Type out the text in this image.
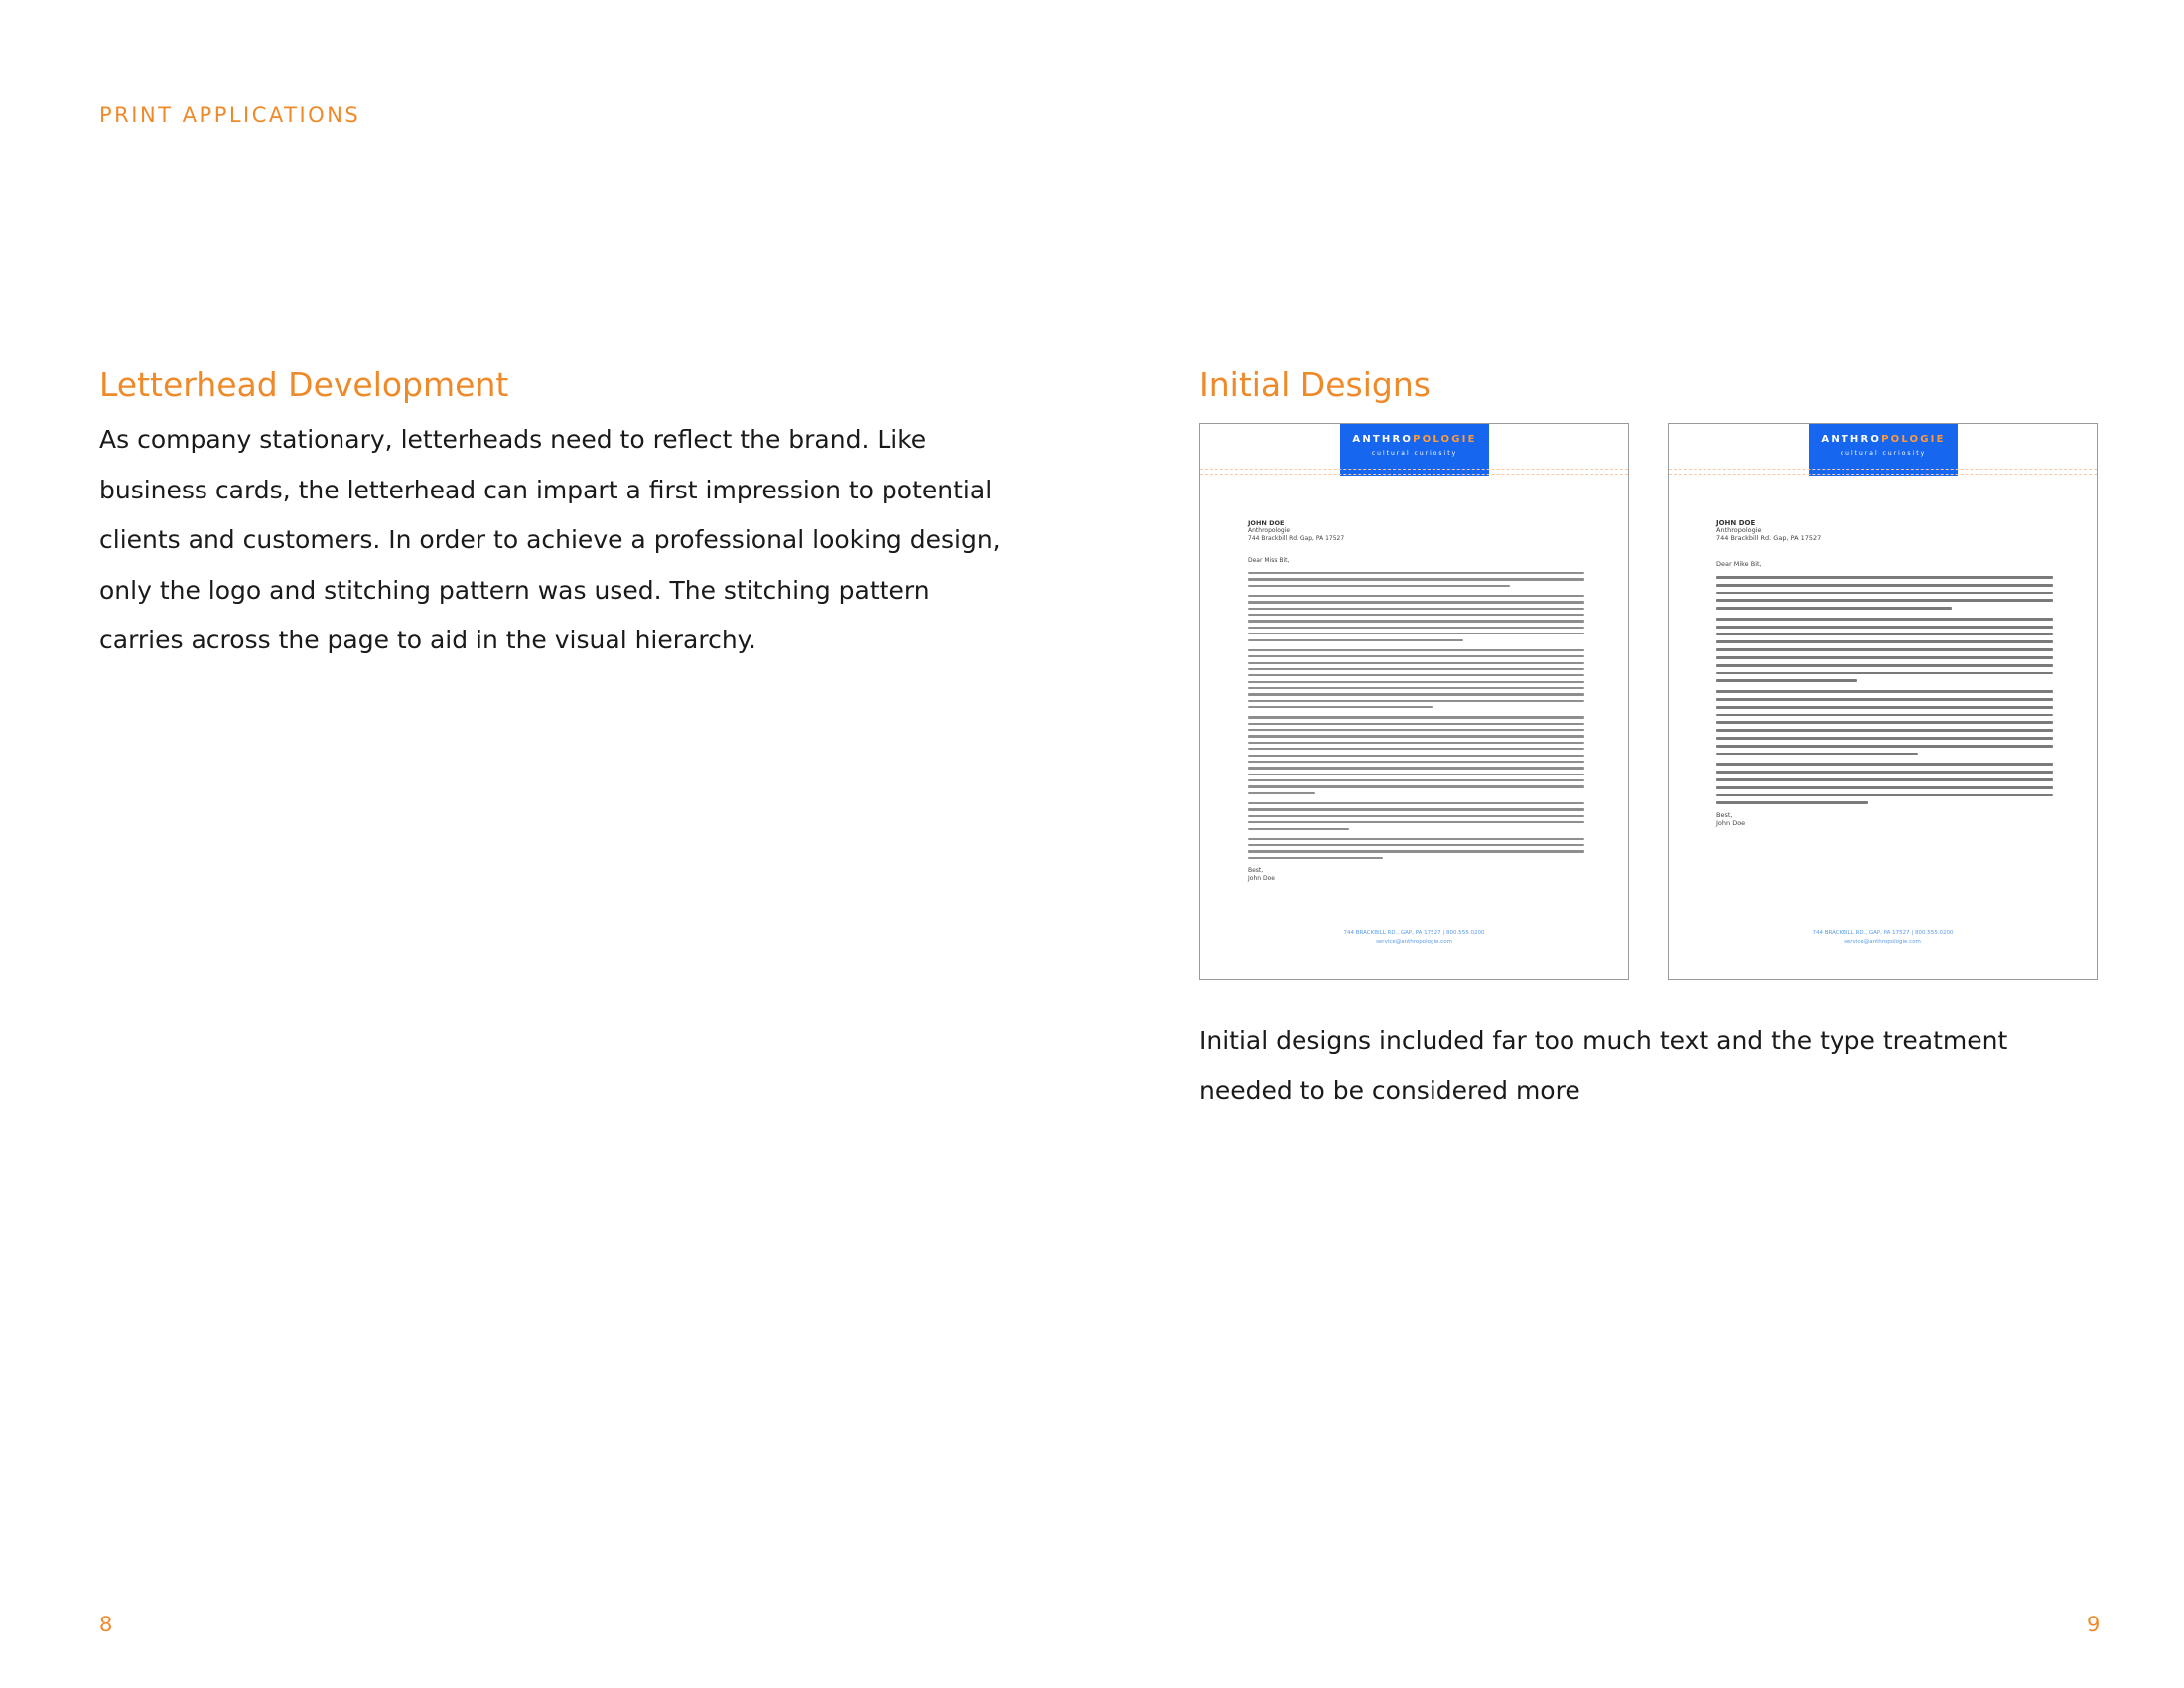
PRINT APPLICATIONS
Letterhead Development

As company stationary, letterheads need to reflect the brand. Like business cards, the letterhead can impart a first impression to potential clients and customers. In order to achieve a professional looking design, only the logo and stitching pattern was used. The stitching pattern carries across the page to aid in the visual hierarchy.

Initial Designs
ANTHROPOLOGIE
cultural curiosity
JOHN DOE
Anthropologie
744 Brackbill Rd. Gap, PA 17527
Dear Miss Bit,
Best,
John Doe
744 BRACKBILL RD., GAP, PA 17527 | 800.555.0200
service@anthropologie.com
ANTHROPOLOGIE
cultural curiosity
JOHN DOE
Anthropologie
744 Brackbill Rd. Gap, PA 17527
Dear Mike Bit,
Best,
John Doe
744 BRACKBILL RD., GAP, PA 17527 | 800.555.0200
service@anthropologie.com

Initial designs included far too much text and the type treatment needed to be considered more

8	9
